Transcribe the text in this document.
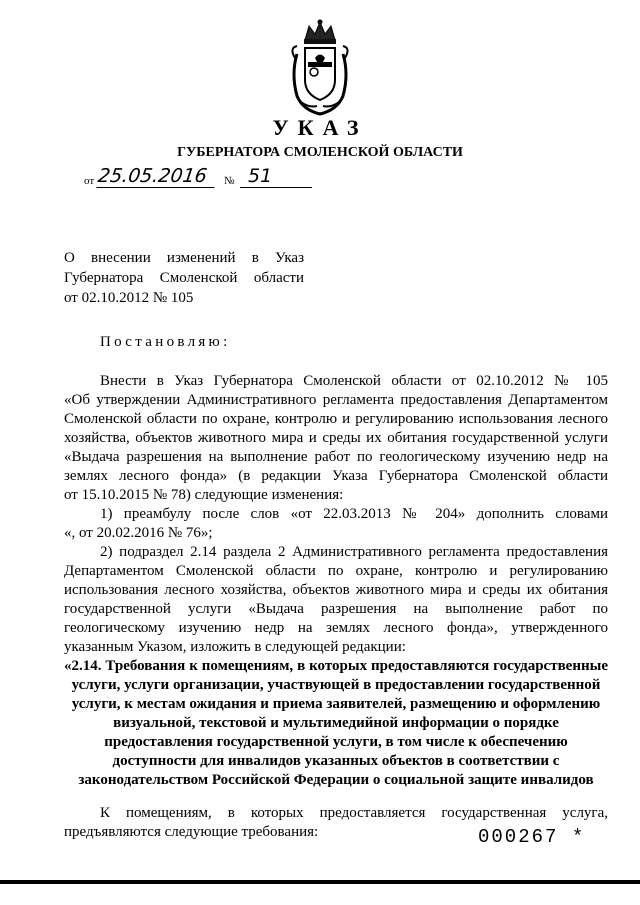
УКАЗ
ГУБЕРНАТОРА СМОЛЕНСКОЙ ОБЛАСТИ
от 25.05.2016	№ 51
О внесении изменений в Указ
Губернатора Смоленской области
от 02.10.2012 № 105
Постановляю:
Внести в Указ Губернатора Смоленской области от 02.10.2012 № 105
«Об утверждении Административного регламента предоставления Департаментом
Смоленской области по охране, контролю и регулированию использования лесного
хозяйства, объектов животного мира и среды их обитания государственной услуги
«Выдача разрешения на выполнение работ по геологическому изучению недр на
землях лесного фонда» (в редакции Указа Губернатора Смоленской области
от 15.10.2015 № 78) следующие изменения:
1) преамбулу после слов «от 22.03.2013 № 204» дополнить словами
«, от 20.02.2016 № 76»;
2) подраздел 2.14 раздела 2 Административного регламента предоставления
Департаментом Смоленской области по охране, контролю и регулированию
использования лесного хозяйства, объектов животного мира и среды их обитания
государственной услуги «Выдача разрешения на выполнение работ по
геологическому изучению недр на землях лесного фонда», утвержденного
указанным Указом, изложить в следующей редакции:
«2.14. Требования к помещениям, в которых предоставляются государственные
услуги, услуги организации, участвующей в предоставлении государственной
услуги, к местам ожидания и приема заявителей, размещению и оформлению
визуальной, текстовой и мультимедийной информации о порядке
предоставления государственной услуги, в том числе к обеспечению
доступности для инвалидов указанных объектов в соответствии с
законодательством Российской Федерации о социальной защите инвалидов
К помещениям, в которых предоставляется государственная услуга,
предъявляются следующие требования:	000267 *
